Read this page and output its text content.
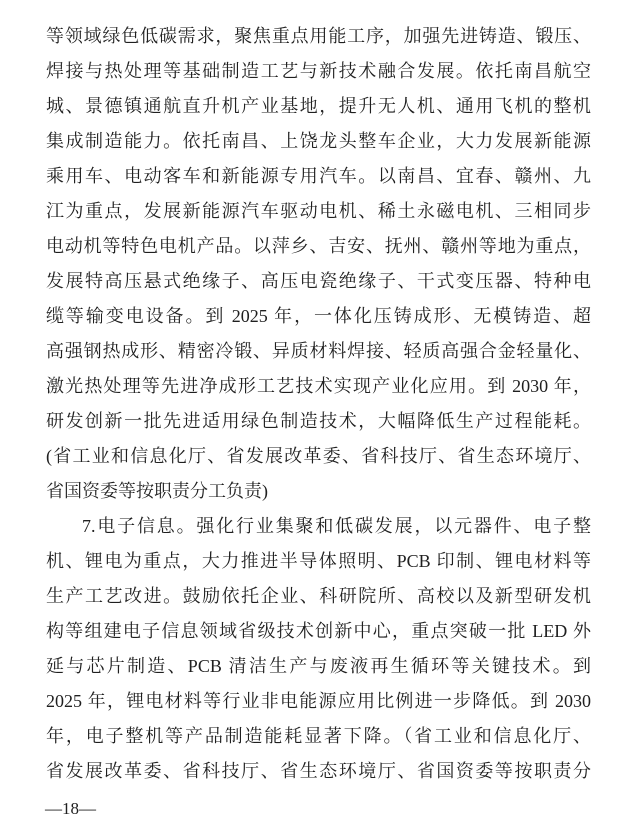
等领域绿色低碳需求，聚焦重点用能工序，加强先进铸造、锻压、
焊接与热处理等基础制造工艺与新技术融合发展。依托南昌航空
城、景德镇通航直升机产业基地，提升无人机、通用飞机的整机
集成制造能力。依托南昌、上饶龙头整车企业，大力发展新能源
乘用车、电动客车和新能源专用汽车。以南昌、宜春、赣州、九
江为重点，发展新能源汽车驱动电机、稀土永磁电机、三相同步
电动机等特色电机产品。以萍乡、吉安、抚州、赣州等地为重点，
发展特高压悬式绝缘子、高压电瓷绝缘子、干式变压器、特种电
缆等输变电设备。到 2025 年，一体化压铸成形、无模铸造、超
高强钢热成形、精密冷锻、异质材料焊接、轻质高强合金轻量化、
激光热处理等先进净成形工艺技术实现产业化应用。到 2030 年，
研发创新一批先进适用绿色制造技术，大幅降低生产过程能耗。
(省工业和信息化厅、省发展改革委、省科技厅、省生态环境厅、
省国资委等按职责分工负责)
7.电子信息。强化行业集聚和低碳发展，以元器件、电子整
机、锂电为重点，大力推进半导体照明、PCB 印制、锂电材料等
生产工艺改进。鼓励依托企业、科研院所、高校以及新型研发机
构等组建电子信息领域省级技术创新中心，重点突破一批 LED 外
延与芯片制造、PCB 清洁生产与废液再生循环等关键技术。到
2025 年，锂电材料等行业非电能源应用比例进一步降低。到 2030
年，电子整机等产品制造能耗显著下降。（省工业和信息化厅、
省发展改革委、省科技厅、省生态环境厅、省国资委等按职责分
—18—
